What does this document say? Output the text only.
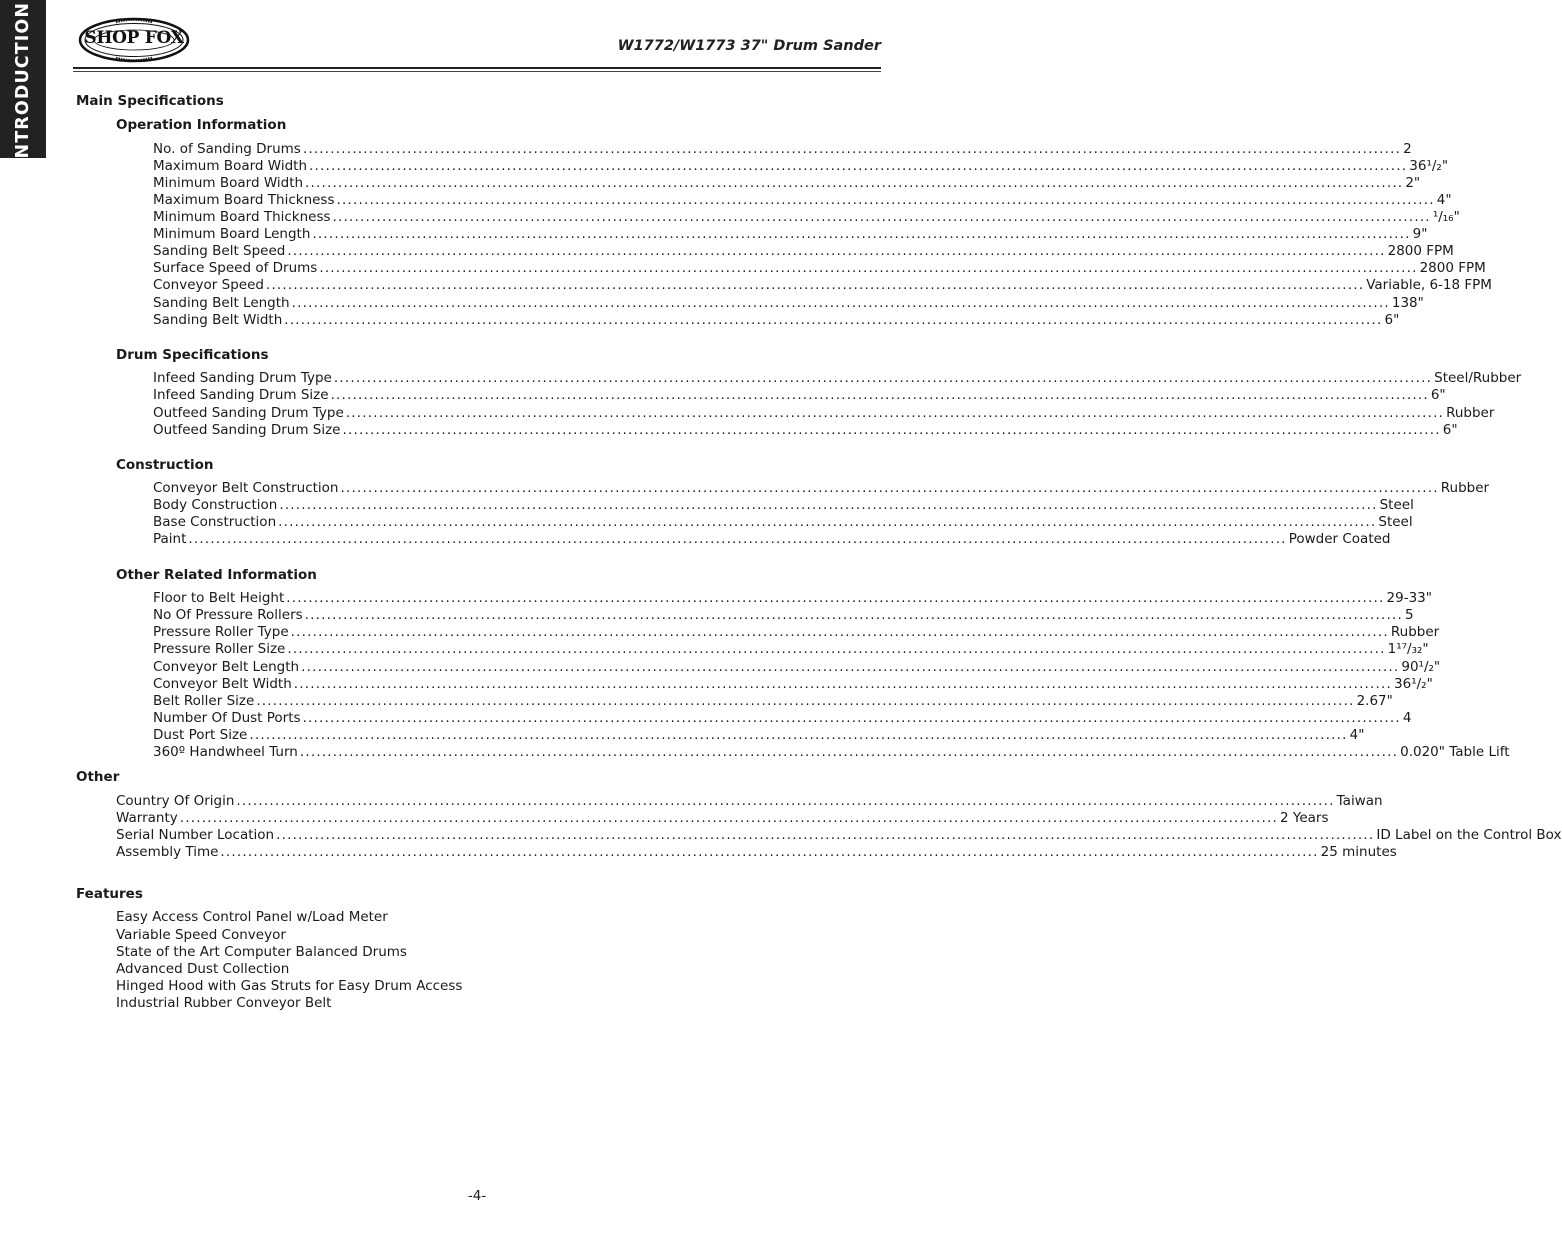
INTRODUCTION	SHOP FOX	W1772/W1773 37" Drum Sander
Main Specifications
Operation Information
No. of Sanding Drums ........................................................................................................................................................................................................ 2
Maximum Board Width ........................................................................................................................................................................................................ 36¹/₂"
Minimum Board Width ........................................................................................................................................................................................................ 2"
Maximum Board Thickness ........................................................................................................................................................................................................ 4"
Minimum Board Thickness ........................................................................................................................................................................................................ ¹/₁₆"
Minimum Board Length ........................................................................................................................................................................................................ 9"
Sanding Belt Speed ........................................................................................................................................................................................................ 2800 FPM
Surface Speed of Drums ........................................................................................................................................................................................................ 2800 FPM
Conveyor Speed ........................................................................................................................................................................................................ Variable, 6-18 FPM
Sanding Belt Length ........................................................................................................................................................................................................ 138"
Sanding Belt Width ........................................................................................................................................................................................................ 6"
Drum Specifications
Infeed Sanding Drum Type ........................................................................................................................................................................................................ Steel/Rubber
Infeed Sanding Drum Size ........................................................................................................................................................................................................ 6"
Outfeed Sanding Drum Type ........................................................................................................................................................................................................ Rubber
Outfeed Sanding Drum Size ........................................................................................................................................................................................................ 6"
Construction
Conveyor Belt Construction ........................................................................................................................................................................................................ Rubber
Body Construction ........................................................................................................................................................................................................ Steel
Base Construction ........................................................................................................................................................................................................ Steel
Paint ........................................................................................................................................................................................................ Powder Coated
Other Related Information
Floor to Belt Height ........................................................................................................................................................................................................ 29-33"
No Of Pressure Rollers ........................................................................................................................................................................................................ 5
Pressure Roller Type ........................................................................................................................................................................................................ Rubber
Pressure Roller Size ........................................................................................................................................................................................................ 1¹⁷/₃₂"
Conveyor Belt Length ........................................................................................................................................................................................................ 90¹/₂"
Conveyor Belt Width ........................................................................................................................................................................................................ 36¹/₂"
Belt Roller Size ........................................................................................................................................................................................................ 2.67"
Number Of Dust Ports ........................................................................................................................................................................................................ 4
Dust Port Size ........................................................................................................................................................................................................ 4"
360º Handwheel Turn ........................................................................................................................................................................................................ 0.020" Table Lift
Other
Country Of Origin ........................................................................................................................................................................................................ Taiwan
Warranty ........................................................................................................................................................................................................ 2 Years
Serial Number Location ........................................................................................................................................................................................................ ID Label on the Control Box
Assembly Time ........................................................................................................................................................................................................ 25 minutes
Features
Easy Access Control Panel w/Load Meter
Variable Speed Conveyor
State of the Art Computer Balanced Drums
Advanced Dust Collection
Hinged Hood with Gas Struts for Easy Drum Access
Industrial Rubber Conveyor Belt
-4-
